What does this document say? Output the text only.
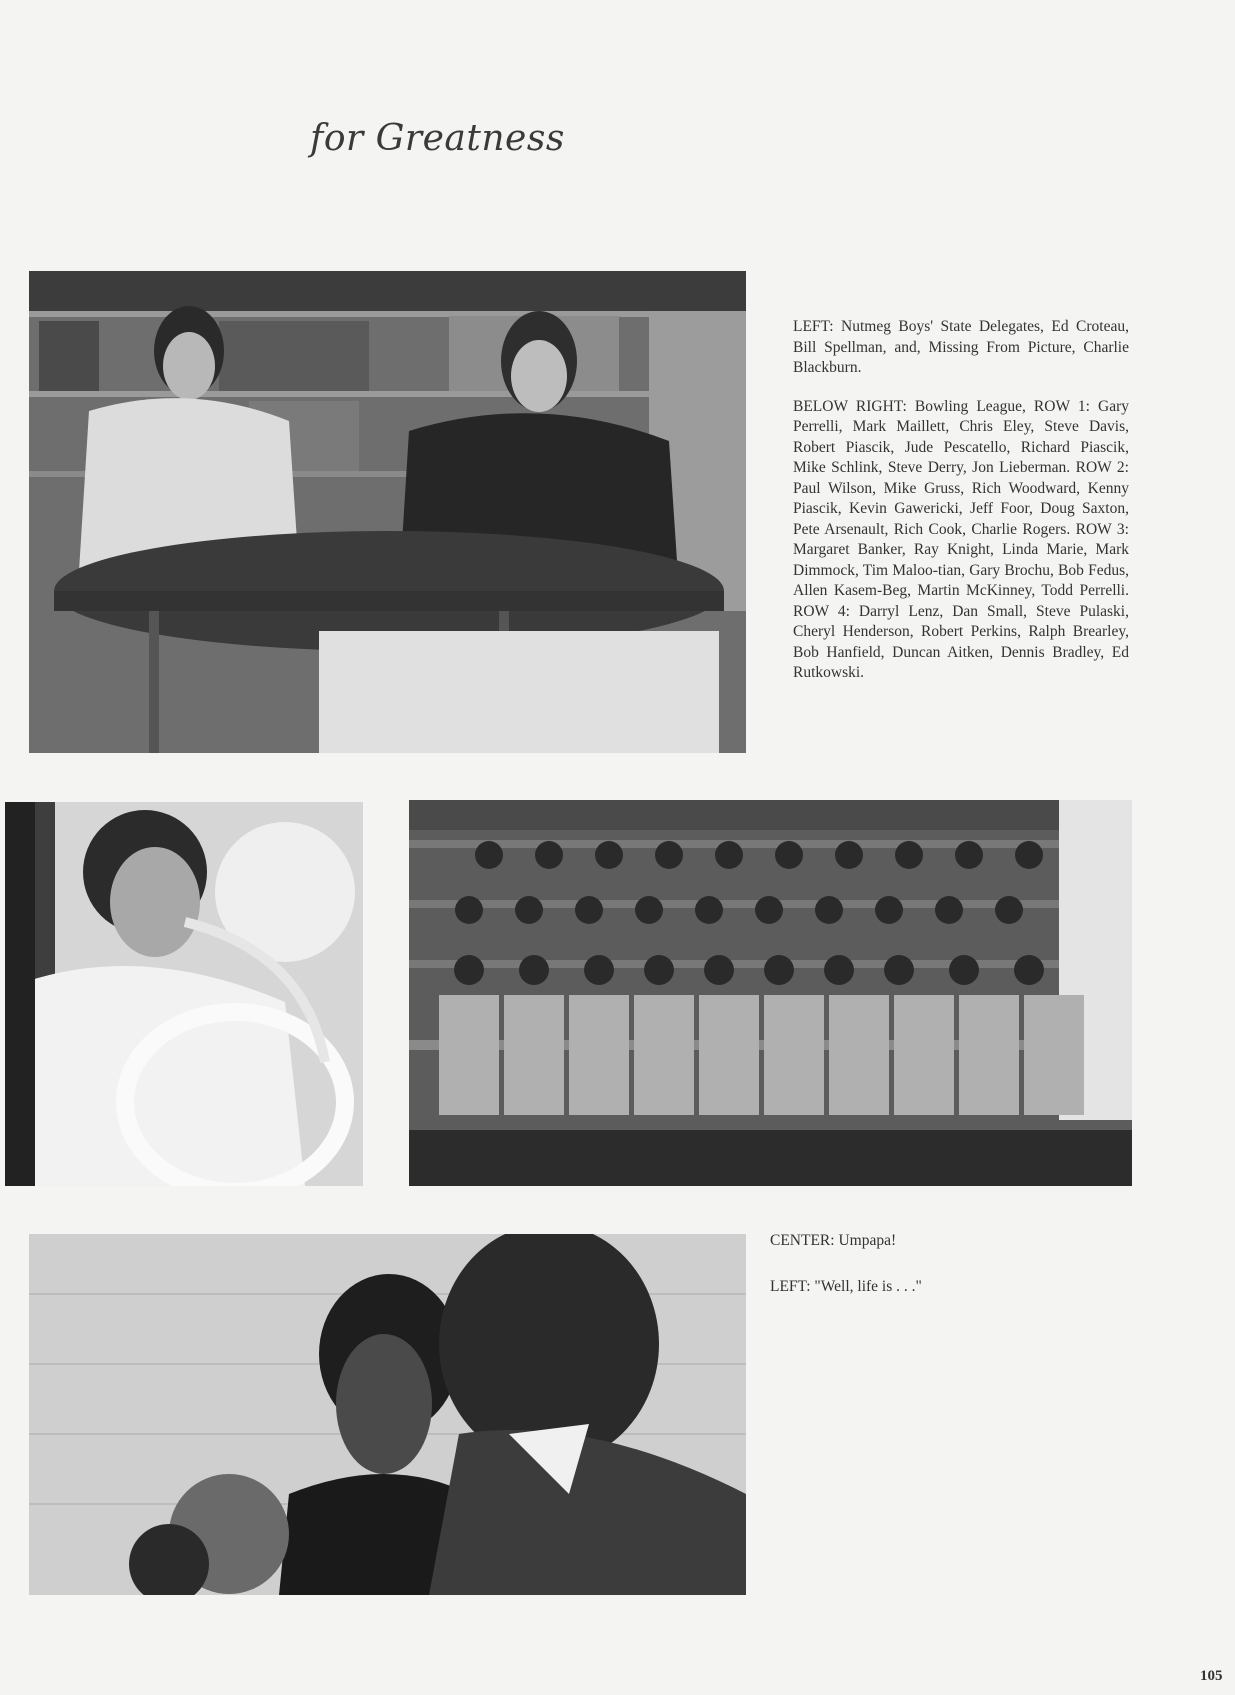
for Greatness

LEFT: Nutmeg Boys' State Delegates, Ed Croteau, Bill Spellman, and, Missing From Picture, Charlie Blackburn.

BELOW RIGHT: Bowling League, ROW 1: Gary Perrelli, Mark Maillett, Chris Eley, Steve Davis, Robert Piascik, Jude Pescatello, Richard Piascik, Mike Schlink, Steve Derry, Jon Lieberman. ROW 2: Paul Wilson, Mike Gruss, Rich Woodward, Kenny Piascik, Kevin Gawericki, Jeff Foor, Doug Saxton, Pete Arsenault, Rich Cook, Charlie Rogers. ROW 3: Margaret Banker, Ray Knight, Linda Marie, Mark Dimmock, Tim Maloo-tian, Gary Brochu, Bob Fedus, Allen Kasem-Beg, Martin McKinney, Todd Perrelli. ROW 4: Darryl Lenz, Dan Small, Steve Pulaski, Cheryl Henderson, Robert Perkins, Ralph Brearley, Bob Hanfield, Duncan Aitken, Dennis Bradley, Ed Rutkowski.

CENTER: Umpapa!
LEFT: "Well, life is . . ."
105
